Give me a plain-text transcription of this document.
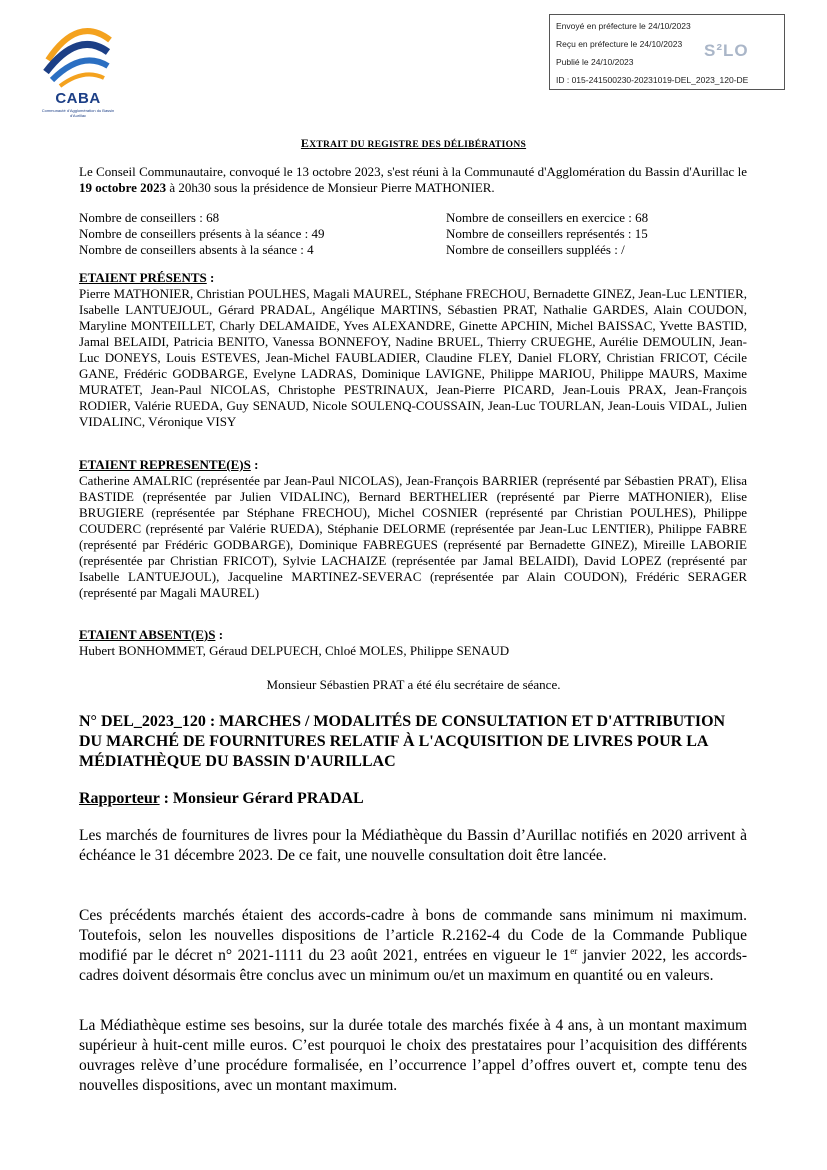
CABA
Communauté d'Agglomération du Bassin d'Aurillac
Envoyé en préfecture le 24/10/2023
Reçu en préfecture le 24/10/2023
Publié le 24/10/2023
ID : 015-241500230-20231019-DEL_2023_120-DE
S²LO
EXTRAIT DU REGISTRE DES DÉLIBÉRATIONS
Le Conseil Communautaire, convoqué le 13 octobre 2023, s'est réuni à la Communauté d'Agglomération du Bassin d'Aurillac le 19 octobre 2023 à 20h30 sous la présidence de Monsieur Pierre MATHONIER.
Nombre de conseillers : 68
Nombre de conseillers présents à la séance : 49
Nombre de conseillers absents à la séance : 4
Nombre de conseillers en exercice : 68
Nombre de conseillers représentés : 15
Nombre de conseillers suppléés : /
ETAIENT PRÉSENTS :
Pierre MATHONIER, Christian POULHES, Magali MAUREL, Stéphane FRECHOU, Bernadette GINEZ, Jean-Luc LENTIER, Isabelle LANTUEJOUL, Gérard PRADAL, Angélique MARTINS, Sébastien PRAT, Nathalie GARDES, Alain COUDON, Maryline MONTEILLET, Charly DELAMAIDE, Yves ALEXANDRE, Ginette APCHIN, Michel BAISSAC, Yvette BASTID, Jamal BELAIDI, Patricia BENITO, Vanessa BONNEFOY, Nadine BRUEL, Thierry CRUEGHE, Aurélie DEMOULIN, Jean-Luc DONEYS, Louis ESTEVES, Jean-Michel FAUBLADIER, Claudine FLEY, Daniel FLORY, Christian FRICOT, Cécile GANE, Frédéric GODBARGE, Evelyne LADRAS, Dominique LAVIGNE, Philippe MARIOU, Philippe MAURS, Maxime MURATET, Jean-Paul NICOLAS, Christophe PESTRINAUX, Jean-Pierre PICARD, Jean-Louis PRAX, Jean-François RODIER, Valérie RUEDA, Guy SENAUD, Nicole SOULENQ-COUSSAIN, Jean-Luc TOURLAN, Jean-Louis VIDAL, Julien VIDALINC, Véronique VISY
ETAIENT REPRESENTE(E)S :
Catherine AMALRIC (représentée par Jean-Paul NICOLAS), Jean-François BARRIER (représenté par Sébastien PRAT), Elisa BASTIDE (représentée par Julien VIDALINC), Bernard BERTHELIER (représenté par Pierre MATHONIER), Elise BRUGIERE (représentée par Stéphane FRECHOU), Michel COSNIER (représenté par Christian POULHES), Philippe COUDERC (représenté par Valérie RUEDA), Stéphanie DELORME (représentée par Jean-Luc LENTIER), Philippe FABRE (représenté par Frédéric GODBARGE), Dominique FABREGUES (représenté par Bernadette GINEZ), Mireille LABORIE (représentée par Christian FRICOT), Sylvie LACHAIZE (représentée par Jamal BELAIDI), David LOPEZ (représenté par Isabelle LANTUEJOUL), Jacqueline MARTINEZ-SEVERAC (représentée par Alain COUDON), Frédéric SERAGER (représenté par Magali MAUREL)
ETAIENT ABSENT(E)S :
Hubert BONHOMMET, Géraud DELPUECH, Chloé MOLES, Philippe SENAUD
Monsieur Sébastien PRAT a été élu secrétaire de séance.
N° DEL_2023_120 : MARCHES / MODALITÉS DE CONSULTATION ET D'ATTRIBUTION DU MARCHÉ DE FOURNITURES RELATIF À L'ACQUISITION DE LIVRES POUR LA MÉDIATHÈQUE DU BASSIN D'AURILLAC
Rapporteur : Monsieur Gérard PRADAL
Les marchés de fournitures de livres pour la Médiathèque du Bassin d’Aurillac notifiés en 2020 arrivent à échéance le 31 décembre 2023. De ce fait, une nouvelle consultation doit être lancée.
Ces précédents marchés étaient des accords-cadre à bons de commande sans minimum ni maximum. Toutefois, selon les nouvelles dispositions de l’article R.2162-4 du Code de la Commande Publique modifié par le décret n° 2021-1111 du 23 août 2021, entrées en vigueur le 1er janvier 2022, les accords-cadres doivent désormais être conclus avec un minimum ou/et un maximum en quantité ou en valeurs.
La Médiathèque estime ses besoins, sur la durée totale des marchés fixée à 4 ans, à un montant maximum supérieur à huit-cent mille euros. C’est pourquoi le choix des prestataires pour l’acquisition des différents ouvrages relève d’une procédure formalisée, en l’occurrence l’appel d’offres ouvert et, compte tenu des nouvelles dispositions, avec un montant maximum.
